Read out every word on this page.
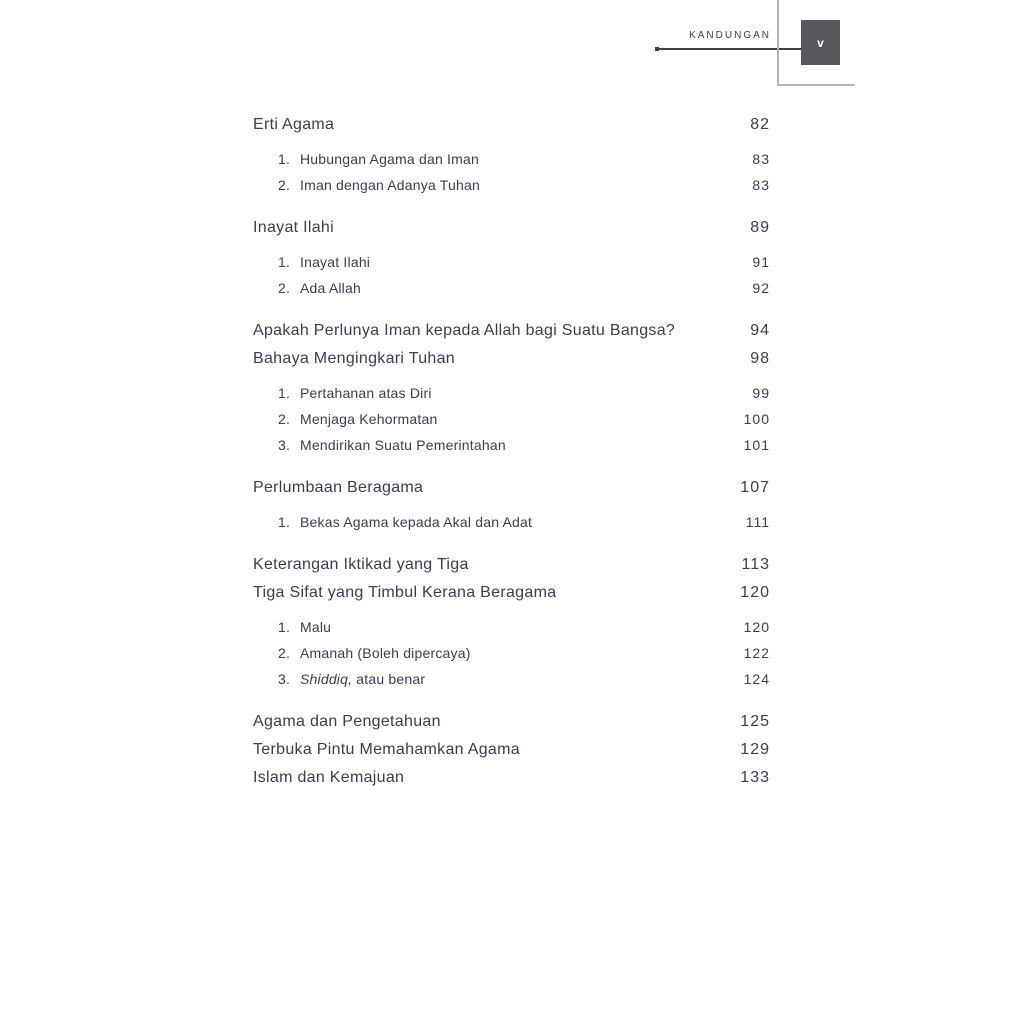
KANDUNGAN	v
Erti Agama	82
1. Hubungan Agama dan Iman	83
2. Iman dengan Adanya Tuhan	83
Inayat Ilahi	89
1. Inayat Ilahi	91
2. Ada Allah	92
Apakah Perlunya Iman kepada Allah bagi Suatu Bangsa?	94
Bahaya Mengingkari Tuhan	98
1. Pertahanan atas Diri	99
2. Menjaga Kehormatan	100
3. Mendirikan Suatu Pemerintahan	101
Perlumbaan Beragama	107
1. Bekas Agama kepada Akal dan Adat	111
Keterangan Iktikad yang Tiga	113
Tiga Sifat yang Timbul Kerana Beragama	120
1. Malu	120
2. Amanah (Boleh dipercaya)	122
3. Shiddiq, atau benar	124
Agama dan Pengetahuan	125
Terbuka Pintu Memahamkan Agama	129
Islam dan Kemajuan	133
